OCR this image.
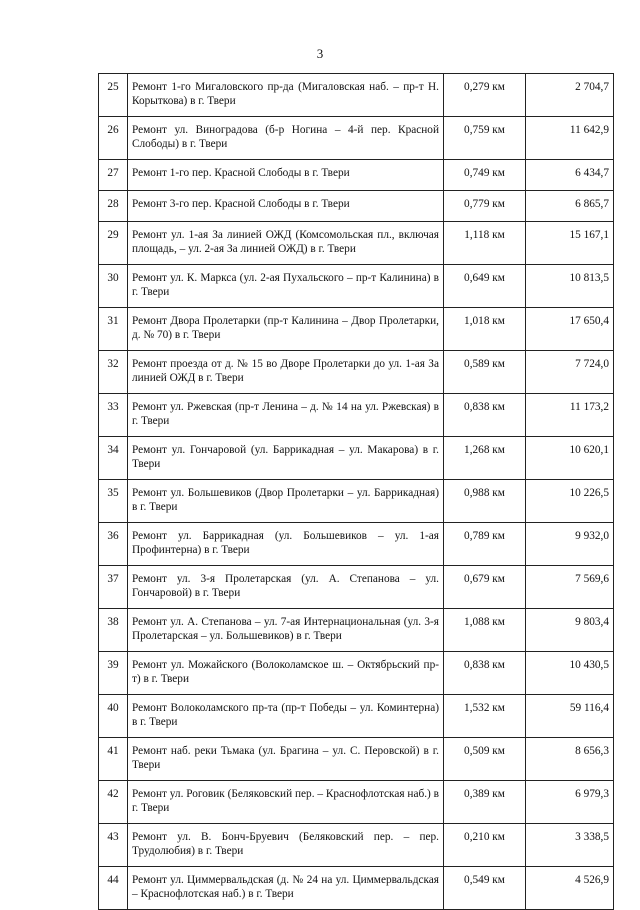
3
25	Ремонт 1-го Мигаловского пр-да (Мигаловская наб. – пр-т Н. Корыткова) в г. Твери	0,279 км	2 704,7
26	Ремонт ул. Виноградова (б-р Ногина – 4-й пер. Красной Слободы) в г. Твери	0,759 км	11 642,9
27	Ремонт 1-го пер. Красной Слободы в г. Твери	0,749 км	6 434,7
28	Ремонт 3-го пер. Красной Слободы в г. Твери	0,779 км	6 865,7
29	Ремонт ул. 1-ая За линией ОЖД (Комсомольская пл., включая площадь, – ул. 2-ая За линией ОЖД) в г. Твери	1,118 км	15 167,1
30	Ремонт ул. К. Маркса (ул. 2-ая Пухальского – пр-т Калинина) в г. Твери	0,649 км	10 813,5
31	Ремонт Двора Пролетарки (пр-т Калинина – Двор Пролетарки, д. № 70) в г. Твери	1,018 км	17 650,4
32	Ремонт проезда от д. № 15 во Дворе Пролетарки до ул. 1-ая За линией ОЖД в г. Твери	0,589 км	7 724,0
33	Ремонт ул. Ржевская (пр-т Ленина – д. № 14 на ул. Ржевская) в г. Твери	0,838 км	11 173,2
34	Ремонт ул. Гончаровой (ул. Баррикадная – ул. Макарова) в г. Твери	1,268 км	10 620,1
35	Ремонт ул. Большевиков (Двор Пролетарки – ул. Баррикадная) в г. Твери	0,988 км	10 226,5
36	Ремонт ул. Баррикадная (ул. Большевиков – ул. 1-ая Профинтерна) в г. Твери	0,789 км	9 932,0
37	Ремонт ул. 3-я Пролетарская (ул. А. Степанова – ул. Гончаровой) в г. Твери	0,679 км	7 569,6
38	Ремонт ул. А. Степанова – ул. 7-ая Интернациональная (ул. 3-я Пролетарская – ул. Большевиков) в г. Твери	1,088 км	9 803,4
39	Ремонт ул. Можайского (Волоколамское ш. – Октябрьский пр-т) в г. Твери	0,838 км	10 430,5
40	Ремонт Волоколамского пр-та (пр-т Победы – ул. Коминтерна) в г. Твери	1,532 км	59 116,4
41	Ремонт наб. реки Тьмака (ул. Брагина – ул. С. Перовской) в г. Твери	0,509 км	8 656,3
42	Ремонт ул. Роговик (Беляковский пер. – Краснофлотская наб.) в г. Твери	0,389 км	6 979,3
43	Ремонт ул. В. Бонч-Бруевич (Беляковский пер. – пер. Трудолюбия) в г. Твери	0,210 км	3 338,5
44	Ремонт ул. Циммервальдская (д. № 24 на ул. Циммервальдская – Краснофлотская наб.) в г. Твери	0,549 км	4 526,9
